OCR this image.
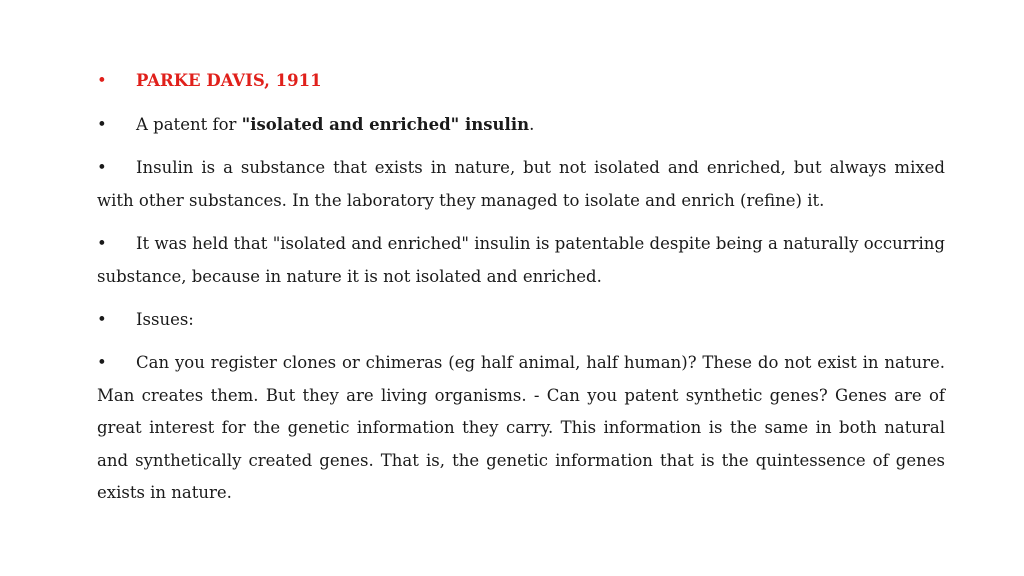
• PARKE DAVIS, 1911

• A patent for "isolated and enriched" insulin.

• Insulin is a substance that exists in nature, but not isolated and enriched, but always mixed with other substances. In the laboratory they managed to isolate and enrich (refine) it.

• It was held that "isolated and enriched" insulin is patentable despite being a naturally occurring substance, because in nature it is not isolated and enriched.

• Issues:

• Can you register clones or chimeras (eg half animal, half human)? These do not exist in nature. Man creates them. But they are living organisms. - Can you patent synthetic genes? Genes are of great interest for the genetic information they carry. This information is the same in both natural and synthetically created genes. That is, the genetic information that is the quintessence of genes exists in nature.
